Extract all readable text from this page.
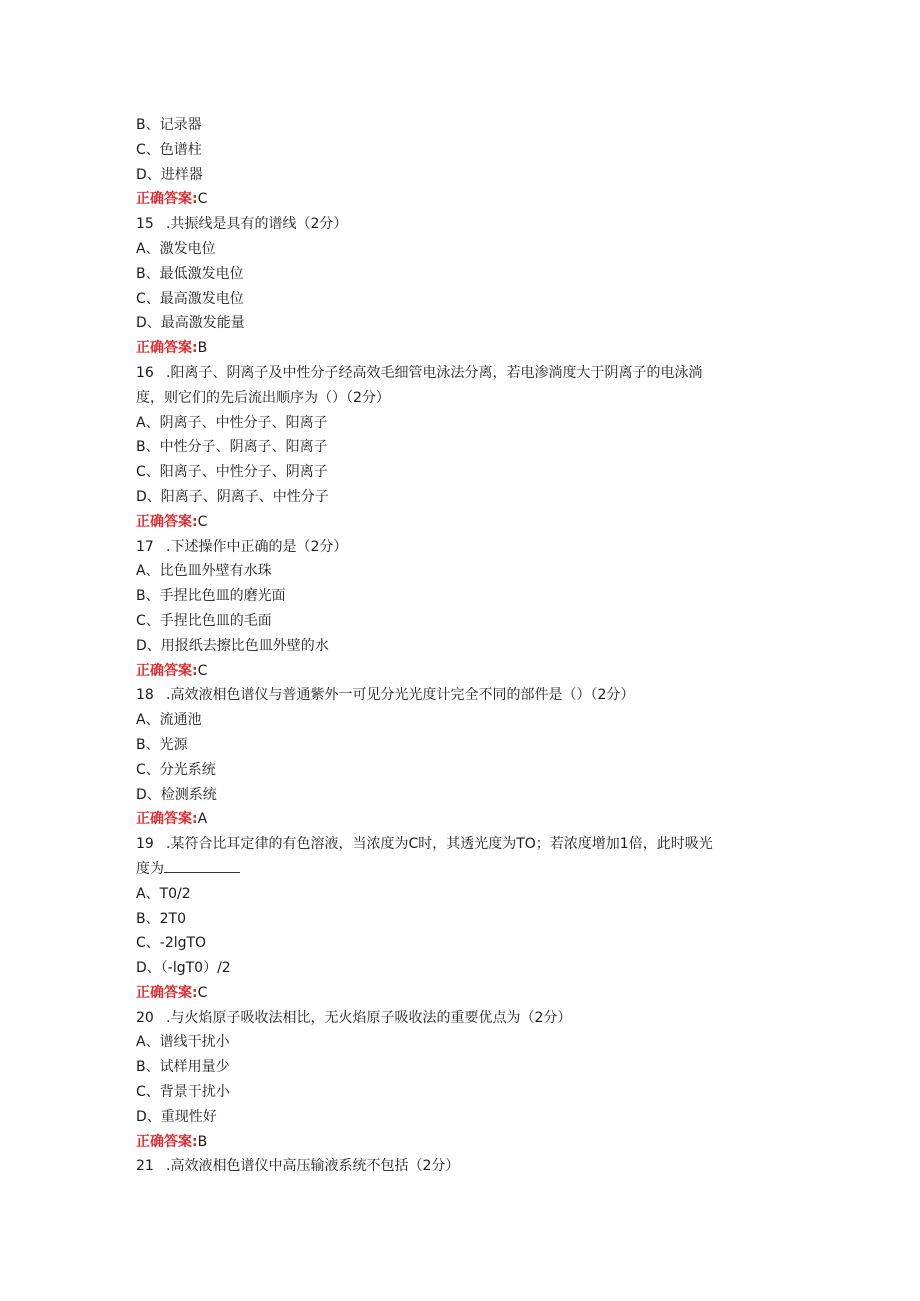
B、记录器
C、色谱柱
D、进样器
正确答案:C
15 .共振线是具有的谱线（2分）
A、激发电位
B、最低激发电位
C、最高激发电位
D、最高激发能量
正确答案:B
16 .阳离子、阴离子及中性分子经高效毛细管电泳法分离，若电渗淌度大于阴离子的电泳淌
度，则它们的先后流出顺序为（）（2分）
A、阴离子、中性分子、阳离子
B、中性分子、阴离子、阳离子
C、阳离子、中性分子、阴离子
D、阳离子、阴离子、中性分子
正确答案:C
17 .下述操作中正确的是（2分）
A、比色皿外壁有水珠
B、手捏比色皿的磨光面
C、手捏比色皿的毛面
D、用报纸去擦比色皿外壁的水
正确答案:C
18 .高效液相色谱仪与普通紫外一可见分光光度计完全不同的部件是（）（2分）
A、流通池
B、光源
C、分光系统
D、检测系统
正确答案:A
19 .某符合比耳定律的有色溶液，当浓度为C时，其透光度为TO；若浓度增加1倍，此时吸光
度为
A、T0/2
B、2T0
C、-2lgTO
D、（-lgT0）/2
正确答案:C
20 .与火焰原子吸收法相比，无火焰原子吸收法的重要优点为（2分）
A、谱线干扰小
B、试样用量少
C、背景干扰小
D、重现性好
正确答案:B
21 .高效液相色谱仪中高压输液系统不包括（2分）
